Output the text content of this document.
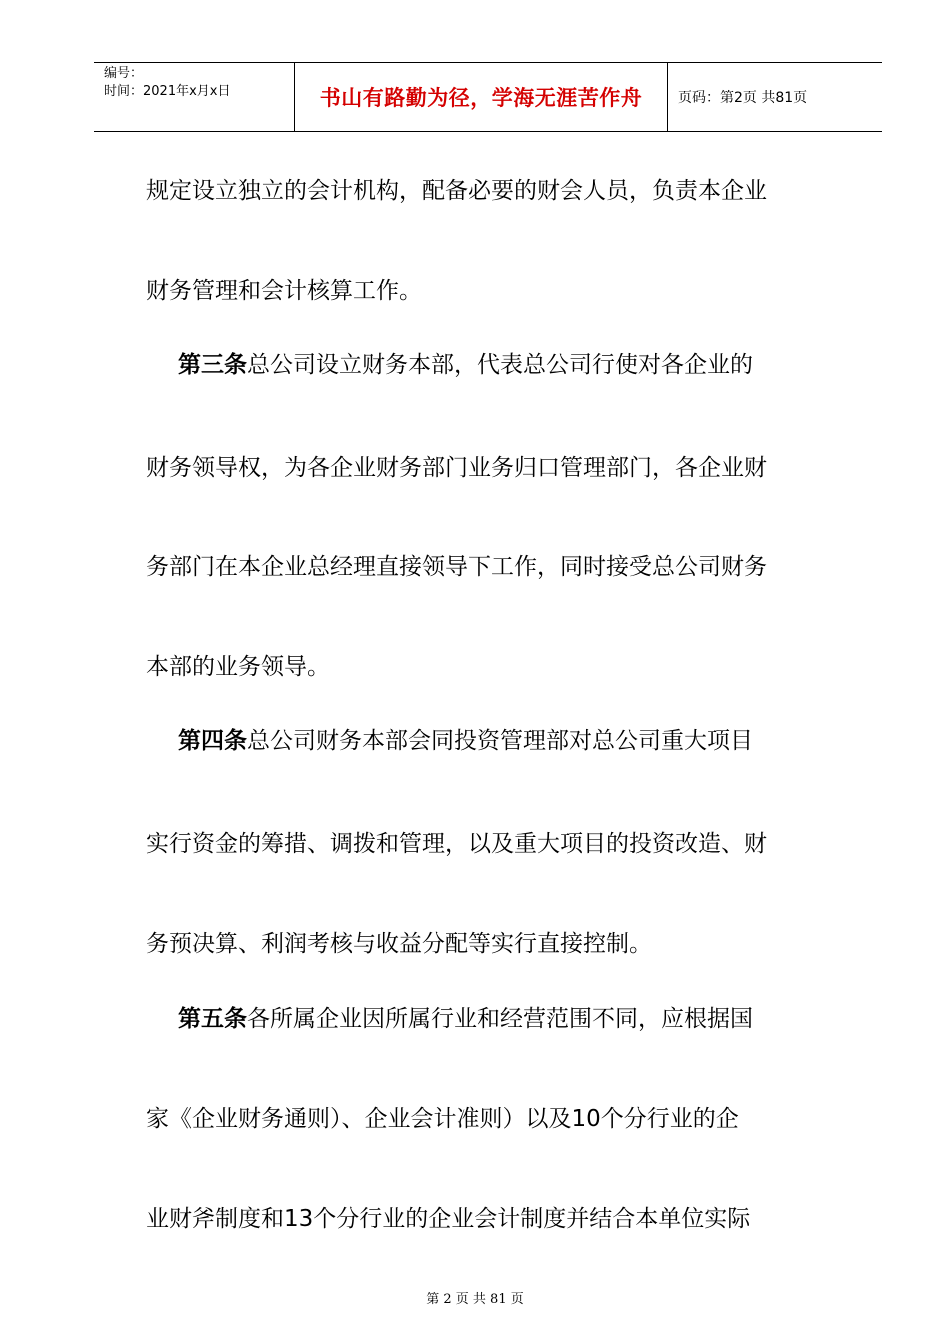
编号：
时间：2021年x月x日	书山有路勤为径，学海无涯苦作舟	页码：第2页 共81页
规定设立独立的会计机构，配备必要的财会人员，负责本企业
财务管理和会计核算工作。
第三条总公司设立财务本部，代表总公司行使对各企业的
财务领导权，为各企业财务部门业务归口管理部门，各企业财
务部门在本企业总经理直接领导下工作，同时接受总公司财务
本部的业务领导。
第四条总公司财务本部会同投资管理部对总公司重大项目
实行资金的筹措、调拨和管理，以及重大项目的投资改造、财
务预决算、利润考核与收益分配等实行直接控制。
第五条各所属企业因所属行业和经营范围不同，应根据国
家《企业财务通则）、企业会计准则）以及10个分行业的企
业财斧制度和13个分行业的企业会计制度并结合本单位实际
第 2 页 共 81 页
